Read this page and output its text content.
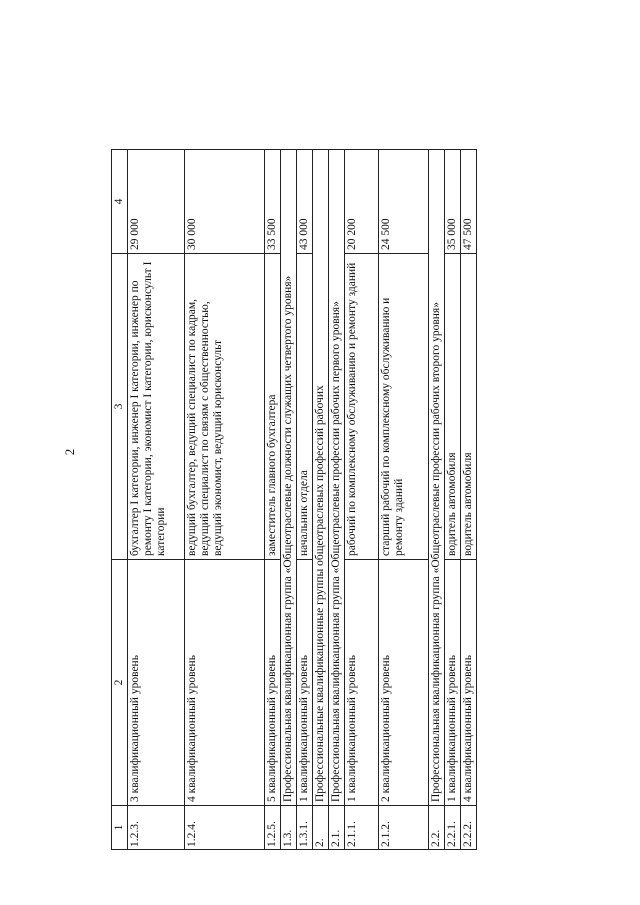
2
1	2	3	4
1.2.3.	3 квалификационный уровень	бухгалтер I категории, инженер I категории, инженер по ремонту I категории, экономист I категории, юрисконсульт I категории	29 000
1.2.4.	4 квалификационный уровень	ведущий бухгалтер, ведущий специалист по кадрам, ведущий специалист по связям с общественностью, ведущий экономист, ведущий юрисконсульт	30 000
1.2.5.	5 квалификационный уровень	заместитель главного бухгалтера	33 500
1.3.	Профессиональная квалификационная группа «Общеотраслевые должности служащих четвертого уровня»		
1.3.1.	1 квалификационный уровень	начальник отдела	43 000
2.	Профессиональные квалификационные группы общеотраслевых профессий рабочих		
2.1.	Профессиональная квалификационная группа «Общеотраслевые профессии рабочих первого уровня»		
2.1.1.	1 квалификационный уровень	рабочий по комплексному обслуживанию и ремонту зданий	20 200
2.1.2.	2 квалификационный уровень	старший рабочий по комплексному обслуживанию и ремонту зданий	24 500
2.2.	Профессиональная квалификационная группа «Общеотраслевые профессии рабочих второго уровня»		
2.2.1.	1 квалификационный уровень	водитель автомобиля	35 000
2.2.2.	4 квалификационный уровень	водитель автомобиля	47 500
